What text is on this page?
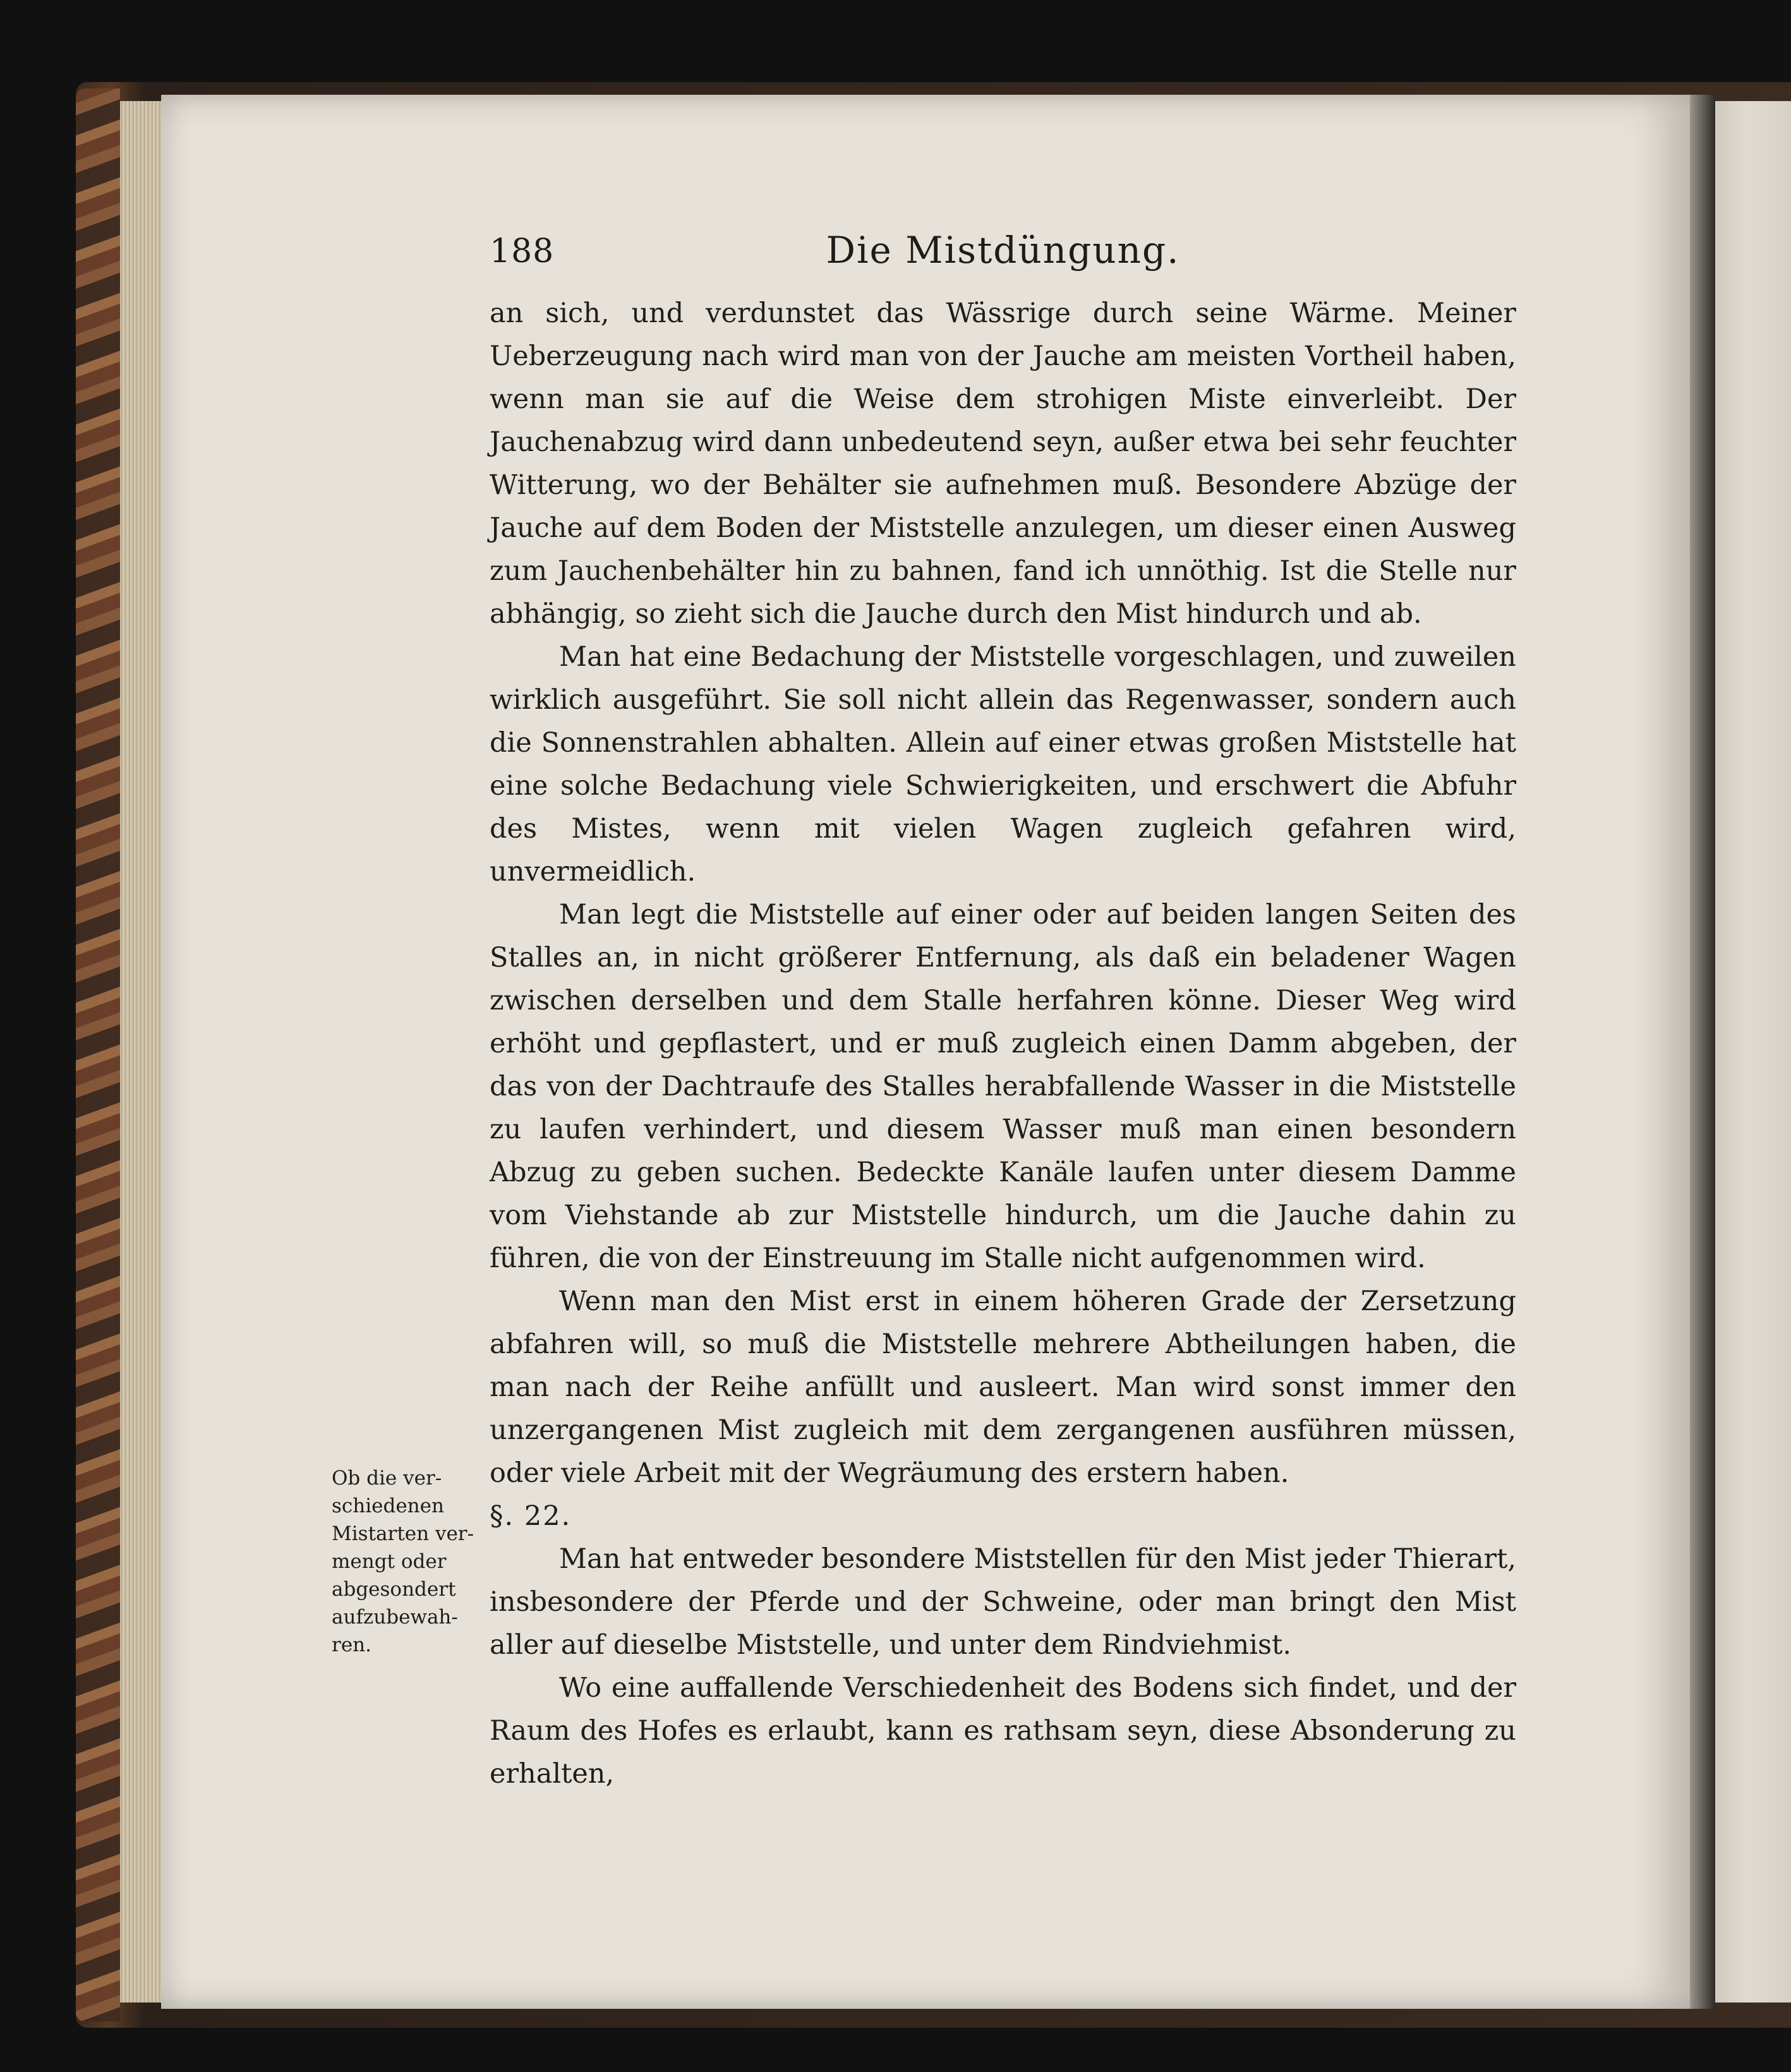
188	Die Mistdüngung.

an sich, und verdunstet das Wässrige durch seine Wärme. Meiner Ueberzeugung nach wird man von der Jauche am meisten Vortheil haben, wenn man sie auf die Weise dem strohigen Miste einverleibt. Der Jauchenabzug wird dann unbedeutend seyn, außer etwa bei sehr feuchter Witterung, wo der Behälter sie aufnehmen muß. Besondere Abzüge der Jauche auf dem Boden der Miststelle anzulegen, um dieser einen Ausweg zum Jauchenbehälter hin zu bahnen, fand ich unnöthig. Ist die Stelle nur abhängig, so zieht sich die Jauche durch den Mist hindurch und ab.

Man hat eine Bedachung der Miststelle vorgeschlagen, und zuweilen wirklich ausgeführt. Sie soll nicht allein das Regenwasser, sondern auch die Sonnenstrahlen abhalten. Allein auf einer etwas großen Miststelle hat eine solche Bedachung viele Schwierigkeiten, und erschwert die Abfuhr des Mistes, wenn mit vielen Wagen zugleich gefahren wird, unvermeidlich.

Man legt die Miststelle auf einer oder auf beiden langen Seiten des Stalles an, in nicht größerer Entfernung, als daß ein beladener Wagen zwischen derselben und dem Stalle herfahren könne. Dieser Weg wird erhöht und gepflastert, und er muß zugleich einen Damm abgeben, der das von der Dachtraufe des Stalles herabfallende Wasser in die Miststelle zu laufen verhindert, und diesem Wasser muß man einen besondern Abzug zu geben suchen. Bedeckte Kanäle laufen unter diesem Damme vom Viehstande ab zur Miststelle hindurch, um die Jauche dahin zu führen, die von der Einstreuung im Stalle nicht aufgenommen wird.

Wenn man den Mist erst in einem höheren Grade der Zersetzung abfahren will, so muß die Miststelle mehrere Abtheilungen haben, die man nach der Reihe anfüllt und ausleert. Man wird sonst immer den unzergangenen Mist zugleich mit dem zergangenen ausführen müssen, oder viele Arbeit mit der Wegräumung des erstern haben.

§. 22.

Man hat entweder besondere Miststellen für den Mist jeder Thierart, insbesondere der Pferde und der Schweine, oder man bringt den Mist aller auf dieselbe Miststelle, und unter dem Rindviehmist.

Wo eine auffallende Verschiedenheit des Bodens sich findet, und der Raum des Hofes es erlaubt, kann es rathsam seyn, diese Absonderung zu erhalten,

Ob die ver-
schiedenen
Mistarten ver-
mengt oder
abgesondert
aufzubewah-
ren.
